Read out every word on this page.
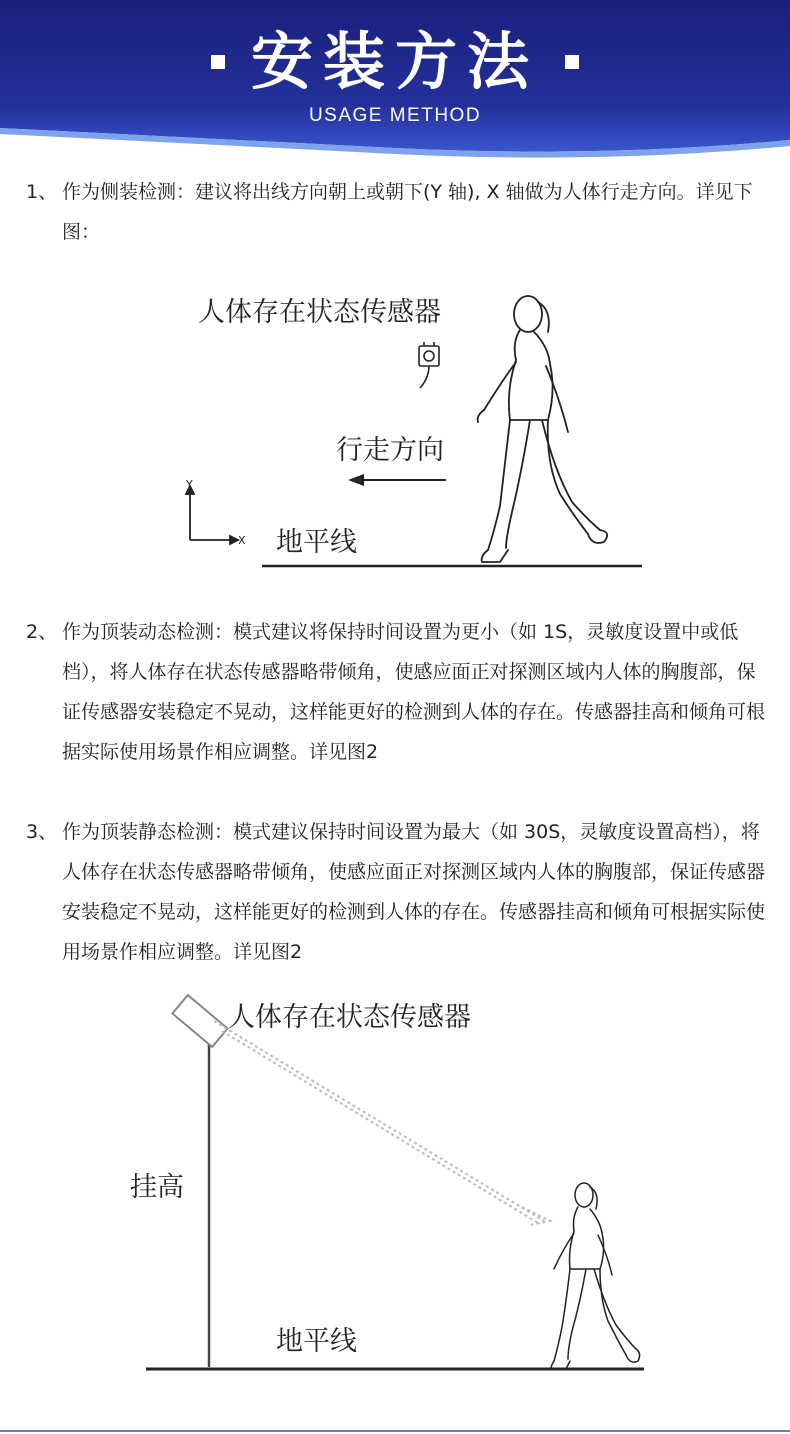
安装方法
USAGE METHOD
1、 作为侧装检测：建议将出线方向朝上或朝下(Y 轴), X 轴做为人体行走方向。详见下图：
Y
X
人体存在状态传感器
行走方向
地平线
2、 作为顶装动态检测：模式建议将保持时间设置为更小（如 1S，灵敏度设置中或低档），将人体存在状态传感器略带倾角，使感应面正对探测区域内人体的胸腹部，保证传感器安装稳定不晃动，这样能更好的检测到人体的存在。传感器挂高和倾角可根据实际使用场景作相应调整。详见图2
3、 作为顶装静态检测：模式建议保持时间设置为最大（如 30S，灵敏度设置高档），将人体存在状态传感器略带倾角，使感应面正对探测区域内人体的胸腹部，保证传感器安装稳定不晃动，这样能更好的检测到人体的存在。传感器挂高和倾角可根据实际使用场景作相应调整。详见图2
人体存在状态传感器
挂高
地平线
